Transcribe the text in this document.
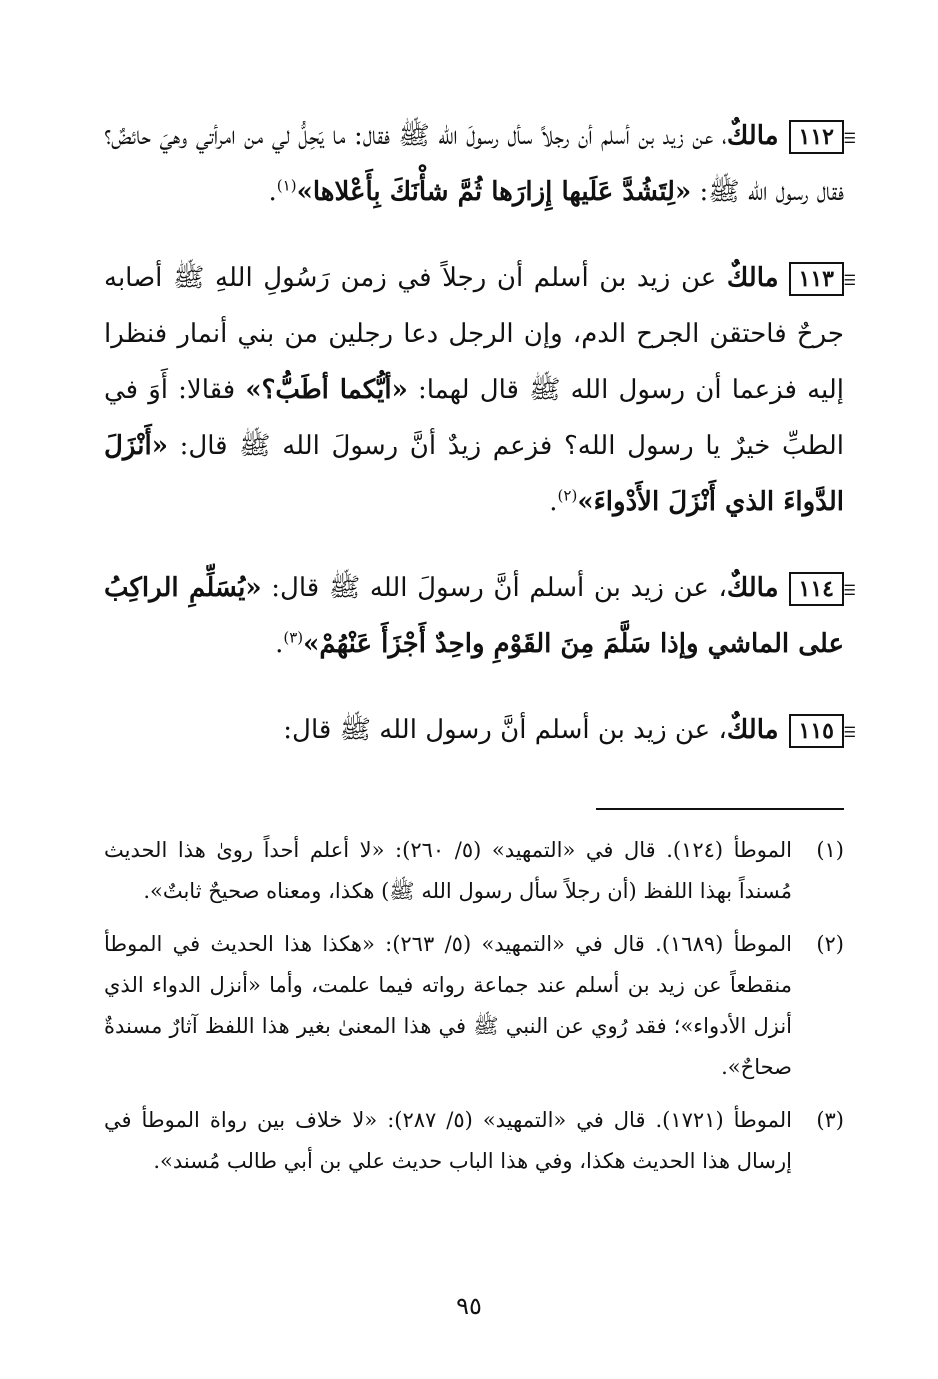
☰ ١١٢مالكٌ، عن زيد بن أسلم أن رجلاً سأل رسولَ الله ﷺ فقال: ما يَحِلُّ لي من امرأتي وهيَ حائضٌ؟ فقال رسول الله ﷺ: «لِتَشُدَّ عَلَيها إِزارَها ثُمَّ شأْنَكَ بِأَعْلاها»$^{(١)}$.
☰ ١١٣مالكٌ عن زيد بن أسلم أن رجلاً في زمن رَسُولِ اللهِ ﷺ أصابه جرحٌ فاحتقن الجرح الدم، وإن الرجل دعا رجلين من بني أنمار فنظرا إليه فزعما أن رسول الله ﷺ قال لهما: «أيُّكما أطَبُّ؟» فقالا: أَوَ في الطبِّ خيرٌ يا رسول الله؟ فزعم زيدٌ أنَّ رسولَ الله ﷺ قال: «أَنْزَلَ الدَّواءَ الذي أَنْزَلَ الأَدْواءَ»$^{(٢)}$.
☰ ١١٤مالكٌ، عن زيد بن أسلم أنَّ رسولَ الله ﷺ قال: «يُسَلِّمِ الراكِبُ على الماشي وإذا سَلَّمَ مِنَ القَوْمِ واحِدٌ أَجْزَأَ عَنْهُمْ»$^{(٣)}$.
☰ ١١٥مالكٌ، عن زيد بن أسلم أنَّ رسول الله ﷺ قال:
(١)
الموطأ (١٢٤). قال في «التمهيد» (٥/ ٢٦٠): «لا أعلم أحداً روىٰ هذا الحديث مُسنداً بهذا اللفظ (أن رجلاً سأل رسول الله ﷺ) هكذا، ومعناه صحيحٌ ثابتٌ».
(٢)
الموطأ (١٦٨٩). قال في «التمهيد» (٥/ ٢٦٣): «هكذا هذا الحديث في الموطأ منقطعاً عن زيد بن أسلم عند جماعة رواته فيما علمت، وأما «أنزل الدواء الذي أنزل الأدواء»؛ فقد رُوي عن النبي ﷺ في هذا المعنىٰ بغير هذا اللفظ آثارٌ مسندةٌ صحاحٌ».
(٣)
الموطأ (١٧٢١). قال في «التمهيد» (٥/ ٢٨٧): «لا خلاف بين رواة الموطأ في إرسال هذا الحديث هكذا، وفي هذا الباب حديث علي بن أبي طالب مُسند».
٩٥
